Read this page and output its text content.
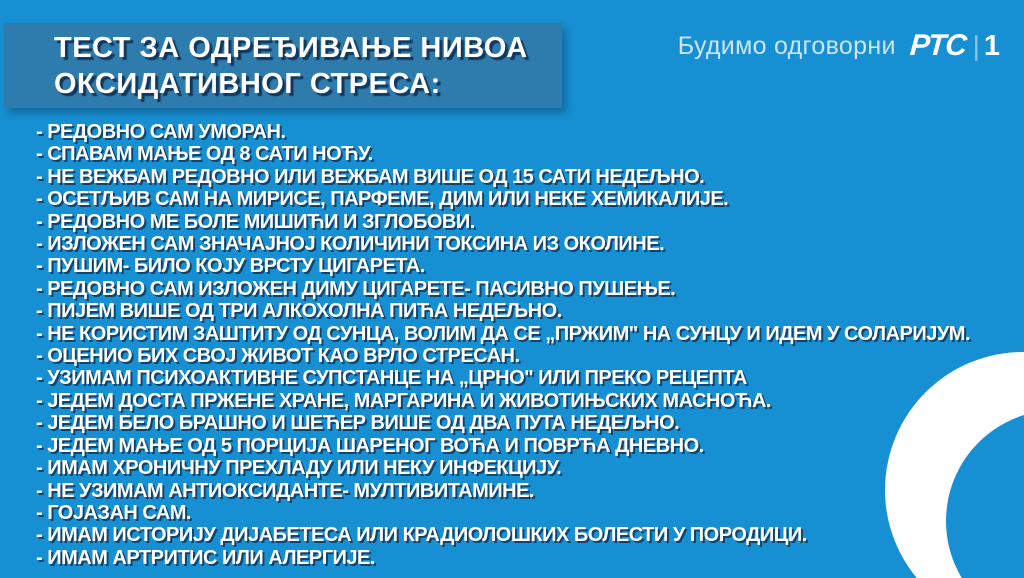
ТЕСТ ЗА ОДРЕЂИВАЊЕ НИВОА
ОКСИДАТИВНОГ СТРЕСА:
Будимо одговорни РТС | 1
- РЕДОВНО САМ УМОРАН.
- СПАВАМ МАЊЕ ОД 8 САТИ НОЋУ.
- НЕ ВЕЖБАМ РЕДОВНО ИЛИ ВЕЖБАМ ВИШЕ ОД 15 САТИ НЕДЕЉНО.
- ОСЕТЉИВ САМ НА МИРИСЕ, ПАРФЕМЕ, ДИМ ИЛИ НЕКЕ ХЕМИКАЛИЈЕ.
- РЕДОВНО МЕ БОЛЕ МИШИЋИ И ЗГЛОБОВИ.
- ИЗЛОЖЕН САМ ЗНАЧАЈНОЈ КОЛИЧИНИ ТОКСИНА ИЗ ОКОЛИНЕ.
- ПУШИМ- БИЛО КОЈУ ВРСТУ ЦИГАРЕТА.
- РЕДОВНО САМ ИЗЛОЖЕН ДИМУ ЦИГАРЕТЕ- ПАСИВНО ПУШЕЊЕ.
- ПИЈЕМ ВИШЕ ОД ТРИ АЛКОХОЛНА ПИЋА НЕДЕЉНО.
- НЕ КОРИСТИМ ЗАШТИТУ ОД СУНЦА, ВОЛИМ ДА СЕ „ПРЖИМ" НА СУНЦУ И ИДЕМ У СОЛАРИЈУМ.
- ОЦЕНИО БИХ СВОЈ ЖИВОТ КАО ВРЛО СТРЕСАН.
- УЗИМАМ ПСИХОАКТИВНЕ СУПСТАНЦЕ НА „ЦРНО" ИЛИ ПРЕКО РЕЦЕПТА
- ЈЕДЕМ ДОСТА ПРЖЕНЕ ХРАНЕ, МАРГАРИНА И ЖИВОТИЊСКИХ МАСНОЋА.
- ЈЕДЕМ БЕЛО БРАШНО И ШЕЋЕР ВИШЕ ОД ДВА ПУТА НЕДЕЉНО.
- ЈЕДЕМ МАЊЕ ОД 5 ПОРЦИЈА ШАРЕНОГ ВОЋА И ПОВРЋА ДНЕВНО.
- ИМАМ ХРОНИЧНУ ПРЕХЛАДУ ИЛИ НЕКУ ИНФЕКЦИЈУ.
- НЕ УЗИМАМ АНТИОКСИДАНТЕ- МУЛТИВИТАМИНЕ.
- ГОЈАЗАН САМ.
- ИМАМ ИСТОРИЈУ ДИЈАБЕТЕСА ИЛИ КРАДИОЛОШКИХ БОЛЕСТИ У ПОРОДИЦИ.
- ИМАМ АРТРИТИС ИЛИ АЛЕРГИЈЕ.
